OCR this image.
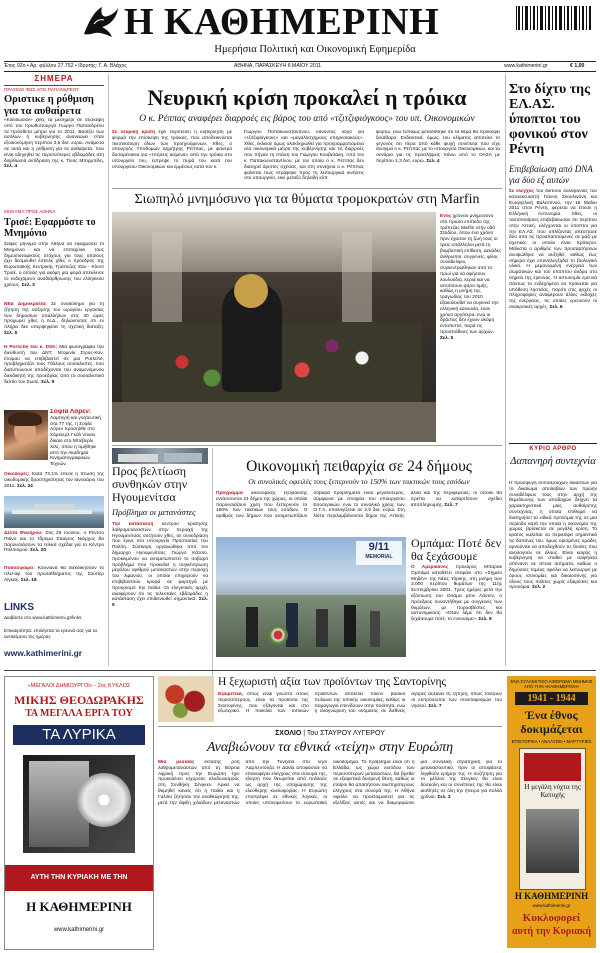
Η ΚΑΘΗΜΕΡΙΝΗ
Ημερήσια Πολιτική και Οικονομική Εφημερίδα
Έτος 92ο • Αρ. φύλλου 27.752 • Ιδρυτής: Γ. Α. Βλάχος	ΑΘΗΝΑ, ΠΑΡΑΣΚΕΥΗ 6 ΜΑΪΟΥ 2011	www.kathimerini.gr	€ 1,00
ΣΗΜΕΡΑ
ΠΡΑΣΙΝΟ ΦΩΣ ΑΠΟ ΠΑΠΑΝΔΡΕΟΥ
Οριστικε η ρύθμιση για τα αυθαίρετα
«Κλείδωσαν» χθες τα μεσημέρι σε σύσκεψη υπό τον πρωθυπουργό Γιώργο Παπανδρέου τα πρόσθετα μέτρα για το 2011. Βασίζει των ασόλων ή κυβέρνησης ανανεώνει σταν εξοικονόμηση περίπου 3,5 δισ. ευρώ. Ανάμεσα σε αυτά και η ρύθμιση για τα αυθαίρετα, που είναι οδηγηθεί τις περισσότερες εβδομάδες στη διορθωσιά αντίδραση της κ. Τίνας Μπιρμπίλη. Σελ. 4
ΜΗΝΥΜΑ ΠΡΟΣ ΑΘΗΝΑ
Τρισέ: Εφαρμόστε το Μνημόνιο
Σαφές μήνυμα στην Αθήνα να εφαρμόσει το Μνημόνιο και να επιταχύνει τους δημοσιονομικούς στόχους για τους οποίους έχει δεσμευθεί έστειλε χθες ο πρόεδρος της Ευρωπαϊκής Κεντρικής Τράπεζας Ζαν - Κλοντ Τρισέ, ο οποίος για ακόμη μία φορά απέκλεισε το ενδεχόμενο αναδιάρθρωσης του ελληνικού χρέους. Σελ. 3
ΝΕα Δημοκρατία: Σε ονοδόλημο για τη ζήτηση της αύξησης του ωραρίου εργασίας των δημοσίων υπαλλήλων στις 40 ώρες προχωρεί χθες η Ν.Δ., δηλώνοντας ότι εν πλήρει δεν υπερψηφίσει τη σχετική διάταξη. Σελ. 5
Η Porsche του κ. DSK: Μια φωτογραφία του διευθυντή του ΔΝΤ, Ντομινίκ Στρος-Καν, έτοιμου να επιβιβαστεί σε μια Porsche, προβληματίζει τους Γάλλους σοσιαλιστές, που διατυπώνουν αποδέχονται του αναμενόμενου διεκδικητή της προεδρίας από το σοσιαλιστικό δελτίο του Σωσέ. Σελ. 9
Σοφία Λόρεν: Λαμπερή και γοητευτική στα 77 της, η Σοφία Λόρεν προσηλθε στο Σάρισερλ Γκάλ ντιναν δίκαιο στο Μπέβερλι Χιλς, όπου η τιμήθηκε από την Ακαδημία Κινηματογραφικών Τεχνών.
Οικοδομές: Κατά 73,1% έπεσε η πτώση της οικοδομικής δραστηριότητας τον Ιανουάριο του 2011. Σελ. 24
Δέλτα Φαλήρου: Στις 29 Ιουνίου, ο Ρέντσο Πιάνο και το Ίδρυμα Σταύρος Νιάρχος θα παρουσιάσουν τα τελικά σχέδια για το Κέντρο Πολιτισμού. Σελ. 20
Ποδόσφαιρο: Κουνιανά θα διεκδικήσουν το πλεί-αφ του πρωταθλήματος της Σούπερ Λίγκας. Σελ. 18
LINKS
Διαβάστε στο www.kathimerini.gr/links
Επικαιρότητα: επιλέγεται τα ερευνά σας για τα αντικείμενα της ημέρας
www.kathimerini.gr
Νευρική κρίση προκαλεί η τρόικα
Ο κ. Ρέππας αναφέρει διαρροές εις βάρος του από «τζιτζιφιόγκους» του υπ. Οικονομικών
Σε νευρική κρίση έχει περιπέσει η κυβέρνηση με φορμά την επίσκεψη της τρόικας, που αποδεικνύεται πιεστικότερη όλων των προηγούμενων. Χθες, ο υπουργός Υποδομών Δημήτρης Ρέππας, με φανερό δυσαρέσκεια για «πτήσεις κείμενα» από την τρόικα στο υπουργείο του, έστρεψε το πυρά του κατά του υπουργείου Οικονομικών και εμμέσως κατά του κ.
Γιώργου Παπακωνσταντίνου, κάνοντας λόγο για «τζιτζιφιόγκους» και «μεγαλόσχημους υπηρεσιακούς». Χθες, έκλεισε όμως ολοκληρωθεί για προγραμματισμένα νέα οικονομικά μέτρα της κυβέρνησης και τις διαρροές που πήγαν τη στάση του Γιώργου Κουβελάκη. Από τον κ. Παπακωνσταντίνου, με τον οποίο ο κ. Ρέππας δεν διατηρεί άριστες σχέσεις, και στη συνέχεια ο κ. Ρέππας φαίνεται πως στράφηκε προς τη λειτουργικά κινήσεις στο υπουργείο, εκεί μεταξύ δηλαδή κλπ.
φορτώ, ενώ τυπικώς μεταδόθηκε ότι τα θέμα θα προκύψει ξεκάθαρο. Ενδεικτικά, όμως, του κλίματος αποτελεί το γεγονός ότι πέρα από κάθε ψυχή συνέπεια που είχε άνοιγμα ο κ. Ρέππας με το υπουργείο Οικονομικών, και τα σενάρια για τις προσλήψεις πάνω από το ΟΑΣΑ με περίπου 1,3 δισ. ευρώ. Σελ. 4
Σιωπηλό μνημόσυνο για τα θύματα τρομοκρατών στη Marfin
Ενός χρόνου μνημόσυνο στο πρώτο επίπεδο της τράπεζας Marfin στην οδό Σταδίου, όπου ένα χρόνο πριν έχασαν τη ζωή τους οι τρεις υπάλληλοι μετά τη βομβιστική επίθεση. Δεκάδες άνθρωποι, συγγενείς, φίλοι, συνάδελφοι, συγκεντρώθηκαν από το πρωί για να αφήσουν λουλούδια, κεριά και να αποτίσουν φόρο τιμής, καθώς η μνήμη της τραγωδίας του 2010 εξακολουθεί να συγκινεί την ελληνική κοινωνία, έναν χρόνο αργότερα, ενώ οι δράστες δεν έχουν ακόμη εντοπιστεί, παρά τις προσπάθειες των αρχών. Σελ. 5
Στο δίχτυ της ΕΛ.ΑΣ. ύποπτοι του φονικού στον Ρέντη
Επιβεβαίωση από DNA για δύο εξ αυτών
Σε έλεγχος του δικτύου δολοφονίας του κατασκευαστή Γιάννη Σκουλιγάνη και Ευαγγελινή Βαλεντινού, την 16 Μαΐου 2011 στον Ρέντη, φέρεται να έπεσε η Ελληνική Αστυνομία. Χθες, οι ταυτοποιήσεις επιβεβαίωσαν ότι περίπου στην Αττική, ελέγχονται οι ύποπτοι για την ΕΛ.ΑΣ. που οπλίζοντας απέσπασε δύο από τις προαπαιτούμενες σε μαζί με σχετικές οι οποίοι είναι πρότεροι. Μάλιστα ο αριθμός των προσαρτήσεων ανυψώθηκε να αυξηθεί, καθώς έως σήμερα έχει επανηλεγξηδεί το βιολογικό υλικό. Η μεμονωμένη ενέργεια των σωματικών και του υπόπτου άνδρα στο σημείο της έρευνας. Η αστυνομία ερευνά πάντως το ενδεχόμενο να πρόκειται για υπόθεση ληστείας, παρότι στις αρχές οι πληροφορίες αναφέρουν άλλες εκδοχές της ενέργειας, τις οποίες ερευνούν οι ανακριτικές αρχές. Σελ. 6
ΚΥΡΙΟ ΑΡΘΡΟ
Δαπανηρή συντεχνία
Η προσφυγή συνταξιούχων δικαστών για το δικαίωμα απολαβών των πρώην συναδέλφων τους στην αρχή της θεμελίωσης των αποδοχών δείχνει τα χαρακτηριστικά μιας αυθαίρετης συντεχνίας, η οποία επιθυμεί να διατηρήσει τα ειδικά προνόμια της σε μια περίοδο κατά την οποία η οικονομία της χώρας βρίσκεται σε μεγάλη κρίση. Το κράτος καλείται να περικόψει σημαντικά τις δαπάνες του, όμως ορισμένες ομάδες αρνούνται να αποδεχθούν τις θυσίες που αναλογούν σε όλους. Είναι καιρός η κυβέρνηση να σταθεί με σαφήνεια απέναντι σε τέτοια αιτήματα, καθώς ο δημόσιος τομέας οφείλει να λειτουργεί με όρους ισονομίας και δικαιοσύνης για όλους τους πολίτες χωρίς εξαιρέσεις και προνόμια. Σελ. 2
Προς βελτίωση συνθηκών στην Ηγουμενίτσα
Πρόβλημα οι μετανάστες
Την κατασκευή κέντρου κράτησης λαθρομεταναστών στην περιοχή της Ηγουμενίτσας συζητούν χθες, σε συνεδρίαση που έγινε στο υπουργείο Προστασίας του Πολίτη. Σύσκεψη οργανώθηκε από τον δήμαρχο Ηγουμενίτσας Γιώργο Κάτσιο, προκειμένου να αντιμετωπιστεί το σοβαρό πρόβλημα που προκαλεί η συγκέντρωση μεγάλου αριθμού μεταναστών στην περιοχή του λιμανιού, οι οποίοι επιχειρούν να επιβιβαστούν κρυφά σε φορτηγά με προορισμό την Ιταλία. Οι ελεγκτικές αρχές αναφέρουν ότι τις τελευταίες εβδομάδες η κατάσταση έχει επιδεινωθεί σημαντικά. Σελ. 5
Οικονομική πειθαρχία σε 24 δήμους
Οι συνολικές οφειλές τους ξεπερνούν το 150% των τακτικών τους εσόδων
Πρόγραμμα οικονομικής εξυγίανσης εντάσσονται 24 δήμοι της χώρας, οι οποίοι παρουσιάζουν χρέη που ξεπερνούν το 150% των τακτικών τους εσόδων. Ο αριθμός των δήμων που αντιμετωπίζουν σοβαρά προβλήματα είναι μεγαλύτερος, σύμφωνα με στοιχεία του υπουργείου Εσωτερικών, ενώ το συνολικό χρέος των Ο.Τ.Α. υπολογίζεται σε 2,5 δισ. ευρώ. Στη λίστα περιλαμβάνονται δήμοι της Αττικής αλλά και της περιφέρειας, οι οποίοι θα πρέπει να καταρτίσουν σχέδιο αποπληρωμής. Σελ. 7
9/11
MEMORIAL
Ομπάμα: Ποτέ δεν θα ξεχάσουμε
Ο Αμερικανός πρόεδρος Μπαράκ Ομπάμα καταθέτει στεφάνι στο «Σημείο Μηδέν» της Νέας Υόρκης, στη μνήμη των 3.000 περίπου θυμάτων της 11ης Σεπτεμβρίου 2001. Τρεις ημέρες μετά την εξόντωση του Οσάμα μπιν Λάντεν, ο πρόεδρος συναντήθηκε με συγγενείς των θυμάτων, με πυροσβέστες και αστυνομικούς: «Όταν λέμε ότι δεν θα ξεχάσουμε ποτέ, το εννοούμε». Σελ. 8
«ΜΕΓΑΛΟΙ ΔΗΜΙΟΥΡΓΟΙ» - 2ος ΚΥΚΛΟΣ
ΜΙΚΗΣ ΘΕΟΔΩΡΑΚΗΣ
ΤΑ ΜΕΓΑΛΑ ΕΡΓΑ ΤΟΥ
ΤΑ ΛΥΡΙΚΑ
ΑΥΤΗ ΤΗΝ ΚΥΡΙΑΚΗ ΜΕ ΤΗΝ
Η ΚΑΘΗΜΕΡΙΝΗ
www.kathimerini.gr
Η ξεχωριστή αξία των προϊόντων της Σαντορίνης
Εξαιρετικά, όπως είναι γνωστό στους περισσότερους, είναι τα προϊόντα της Σαντορίνης, που εξάγονται και στο εξωτερικό. Η ποικιλία των τοπικών προϊόντων αποτελεί πλέον βασικό πυλώνα της τοπικής οικονομίας, καθώς οι παραγωγοί επενδύουν στην ποιότητα, ενώ η αναγνώριση του ονόματος σε διεθνείς αγορές αυξάνει τη ζήτηση, όπως τονίζουν οι εκπρόσωποι των συνεταιρισμών του νησιού. Σελ. 7
ΣΧΟΛΙΟ | Του ΣΤΑΥΡΟΥ ΛΥΓΕΡΟΥ
Αναβιώνουν τα εθνικά «τείχη» στην Ευρώπη
Μια μεσαίας έκτασης ροή λαθρομεταναστών από τη Βόρεια Αφρική προς την Ευρώπη έχει προκαλέσει ισχυρούς κλυδωνισμούς στη Συνθήκη Σένγκεν. Αρκεί να θυμηθεί κανείς ότι η Ιταλία και η Γαλλία ζήτησαν την αναθεώρησή της, μετά την άφιξη χιλιάδων μεταναστών από την Τυνησία στο νησί Λαμπεντούζα. Η Δανία αποφάσισε να επαναφέρει ελέγχους στα σύνορά της, κίνηση που θεωρείται από πολλούς ως αρχή της υποχώρησης της ελεύθερης κυκλοφορίας. Η Ευρώπη επιστρέφει σε εθνικές λογικές, οι οποίες υπονομεύουν το ευρωπαϊκό οικοδόμημα. Το πρόβλημα είναι ότι η Ελλάδα, ως χώρα εισόδου των περισσότερων μεταναστών, θα βρεθεί σε εξαιρετικά δυσμενή θέση, καθώς οι εταίροι θα απαιτήσουν αυστηρότερους ελέγχους στα σύνορά της. Η Αθήνα οφείλει να προετοιμαστεί για τις εξελίξεις αυτές και να διαμορφώσει μια συνολική στρατηγική για το μεταναστευτικό, πριν οι αποφάσεις ληφθούν ερήμην της. Η συζήτηση για το μέλλον της Σένγκεν θα είναι δύσκολη και οι συνέπειες της θα είναι αισθητές σε όλη την ήπειρο για πολλά χρόνια. Σελ. 3
ΕΝΑ ΣΥΛΛΕΚΤΙΚΟ ΑΦΙΕΡΩΜΑ ΜΝΗΜΗΣ ΑΠΟ ΤΗΝ «ΚΑΘΗΜΕΡΙΝΗ»
1941 - 1944
Ένα έθνος
δοκιμάζεται
ΕΠΙΣΤΟΡΙΚΑ • ΑΝΑΛΥΣΕΙ • ΜΑΡΤΥΡΙΕΣ
Η μεγάλη νύχτα της Κατοχής
Η ΚΑΘΗΜΕΡΙΝΗ
www.kathimerini.gr
Κυκλοφορεί
αυτή την Κυριακή
